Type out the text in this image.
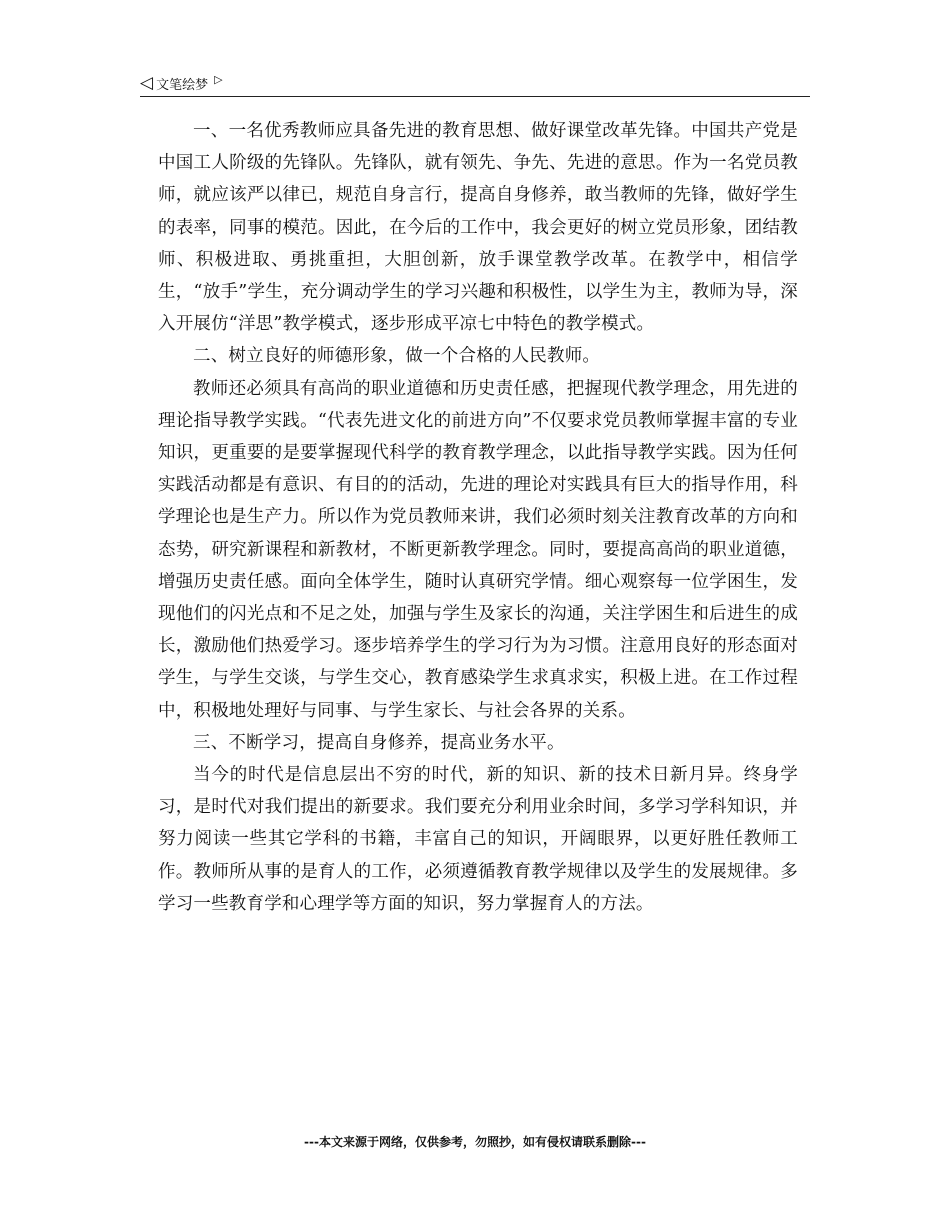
◁ 文笔绘梦 ▷

一、一名优秀教师应具备先进的教育思想、做好课堂改革先锋。中国共产党是中国工人阶级的先锋队。先锋队，就有领先、争先、先进的意思。作为一名党员教师，就应该严以律已，规范自身言行，提高自身修养，敢当教师的先锋，做好学生的表率，同事的模范。因此，在今后的工作中，我会更好的树立党员形象，团结教师、积极进取、勇挑重担，大胆创新，放手课堂教学改革。在教学中，相信学生，“放手”学生，充分调动学生的学习兴趣和积极性，以学生为主，教师为导，深入开展仿“洋思”教学模式，逐步形成平凉七中特色的教学模式。

二、树立良好的师德形象，做一个合格的人民教师。

教师还必须具有高尚的职业道德和历史责任感，把握现代教学理念，用先进的理论指导教学实践。“代表先进文化的前进方向”不仅要求党员教师掌握丰富的专业知识，更重要的是要掌握现代科学的教育教学理念，以此指导教学实践。因为任何实践活动都是有意识、有目的的活动，先进的理论对实践具有巨大的指导作用，科学理论也是生产力。所以作为党员教师来讲，我们必须时刻关注教育改革的方向和态势，研究新课程和新教材，不断更新教学理念。同时，要提高高尚的职业道德，增强历史责任感。面向全体学生，随时认真研究学情。细心观察每一位学困生，发现他们的闪光点和不足之处，加强与学生及家长的沟通，关注学困生和后进生的成长，激励他们热爱学习。逐步培养学生的学习行为为习惯。注意用良好的形态面对学生，与学生交谈，与学生交心，教育感染学生求真求实，积极上进。在工作过程中，积极地处理好与同事、与学生家长、与社会各界的关系。

三、不断学习，提高自身修养，提高业务水平。

当今的时代是信息层出不穷的时代，新的知识、新的技术日新月异。终身学习，是时代对我们提出的新要求。我们要充分利用业余时间，多学习学科知识，并努力阅读一些其它学科的书籍，丰富自己的知识，开阔眼界，以更好胜任教师工作。教师所从事的是育人的工作，必须遵循教育教学规律以及学生的发展规律。多学习一些教育学和心理学等方面的知识，努力掌握育人的方法。

---本文来源于网络，仅供参考，勿照抄，如有侵权请联系删除---
